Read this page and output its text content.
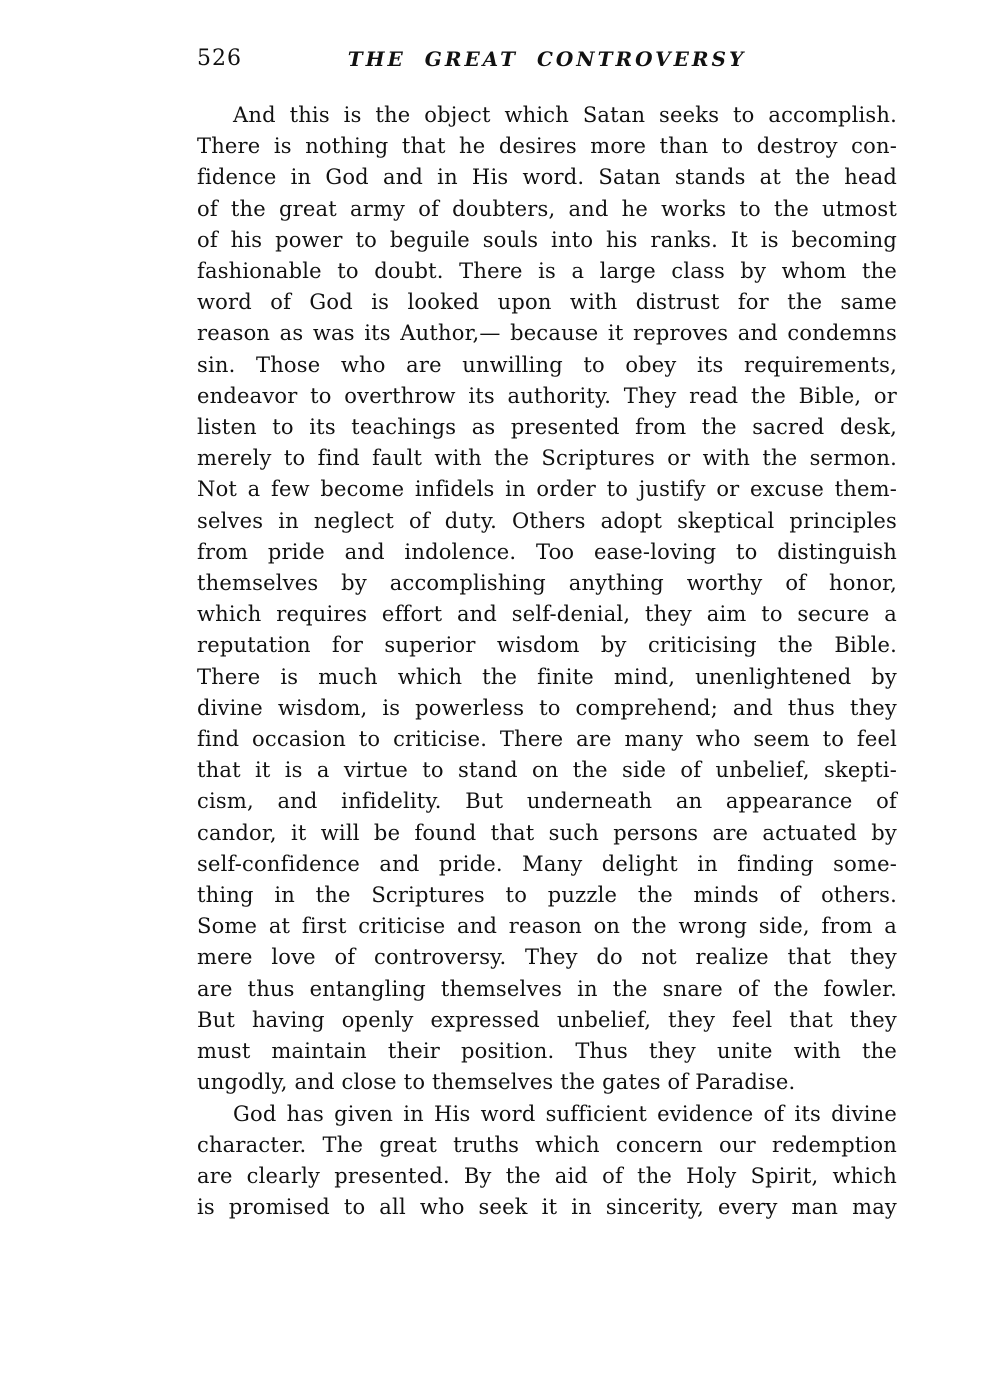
526	THE GREAT CONTROVERSY
And this is the object which Satan seeks to accomplish.
There is nothing that he desires more than to destroy con-
fidence in God and in His word. Satan stands at the head
of the great army of doubters, and he works to the utmost
of his power to beguile souls into his ranks. It is becoming
fashionable to doubt. There is a large class by whom the
word of God is looked upon with distrust for the same
reason as was its Author,— because it reproves and condemns
sin. Those who are unwilling to obey its requirements,
endeavor to overthrow its authority. They read the Bible, or
listen to its teachings as presented from the sacred desk,
merely to find fault with the Scriptures or with the sermon.
Not a few become infidels in order to justify or excuse them-
selves in neglect of duty. Others adopt skeptical principles
from pride and indolence. Too ease-loving to distinguish
themselves by accomplishing anything worthy of honor,
which requires effort and self-denial, they aim to secure a
reputation for superior wisdom by criticising the Bible.
There is much which the finite mind, unenlightened by
divine wisdom, is powerless to comprehend; and thus they
find occasion to criticise. There are many who seem to feel
that it is a virtue to stand on the side of unbelief, skepti-
cism, and infidelity. But underneath an appearance of
candor, it will be found that such persons are actuated by
self-confidence and pride. Many delight in finding some-
thing in the Scriptures to puzzle the minds of others.
Some at first criticise and reason on the wrong side, from a
mere love of controversy. They do not realize that they
are thus entangling themselves in the snare of the fowler.
But having openly expressed unbelief, they feel that they
must maintain their position. Thus they unite with the
ungodly, and close to themselves the gates of Paradise.
God has given in His word sufficient evidence of its divine
character. The great truths which concern our redemption
are clearly presented. By the aid of the Holy Spirit, which
is promised to all who seek it in sincerity, every man may
